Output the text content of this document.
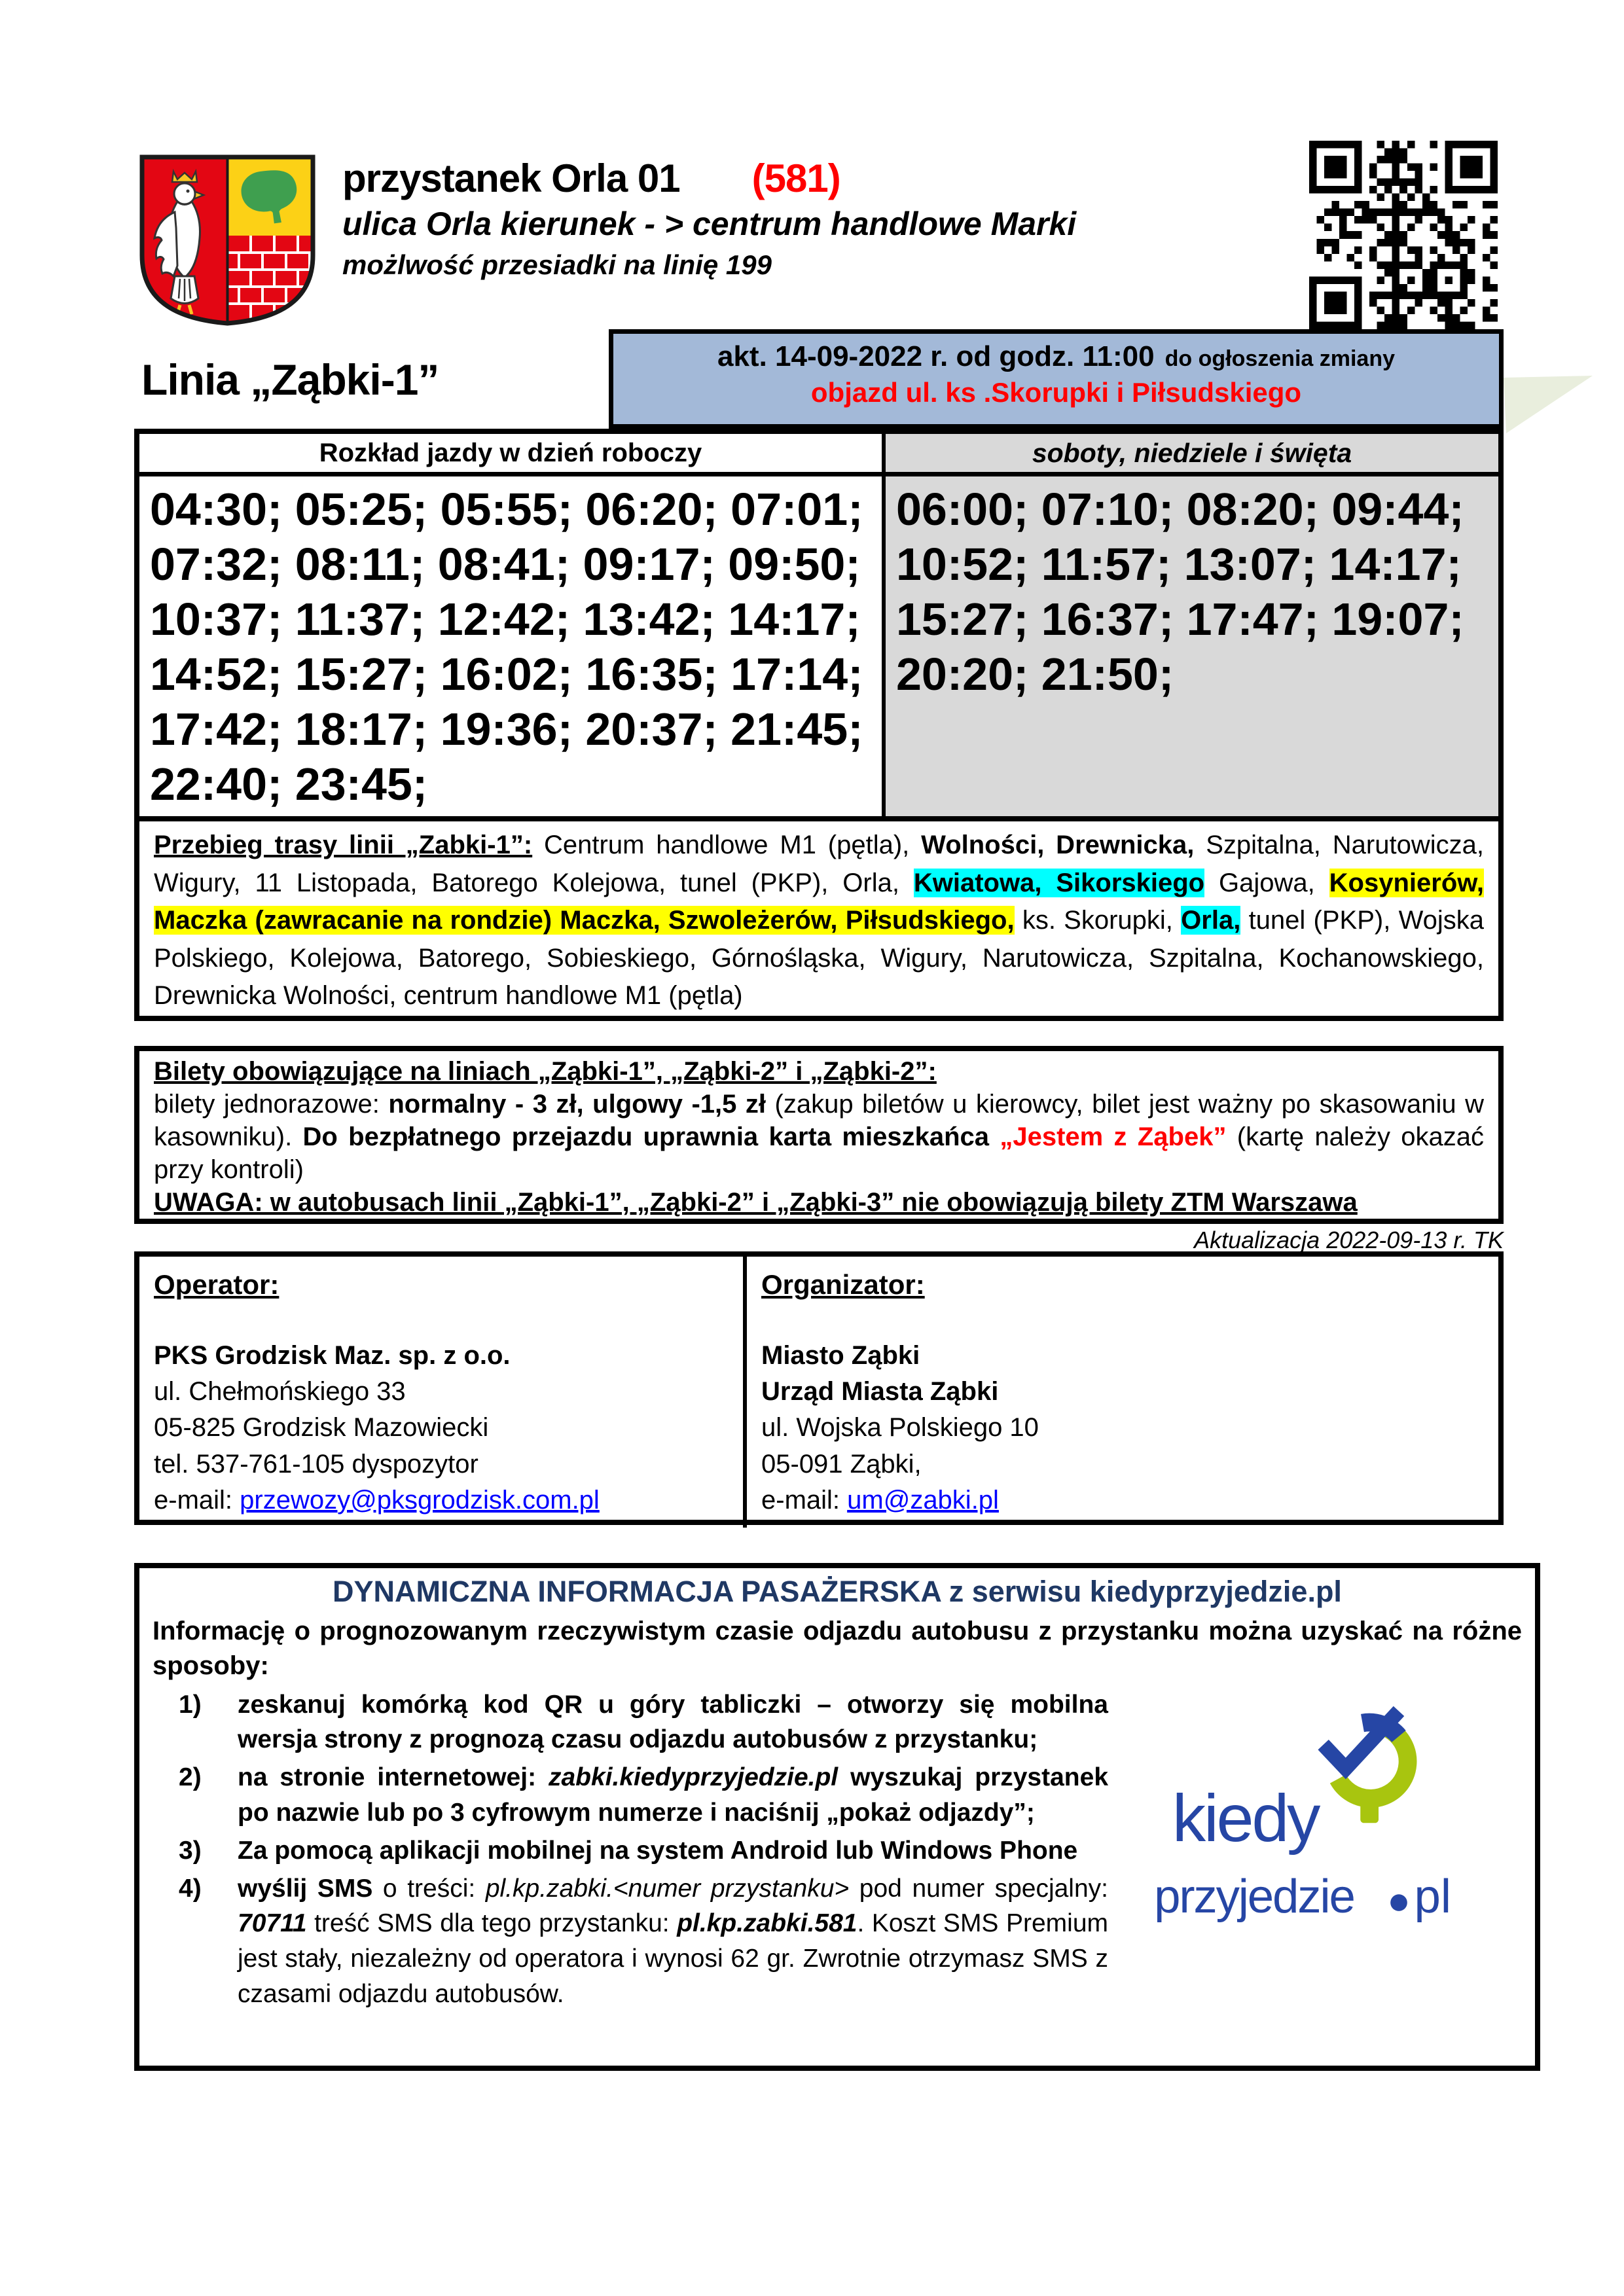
przystanek Orla 01 (581)
ulica Orla kierunek - > centrum handlowe Marki
możlwość przesiadki na linię 199
akt. 14-09-2022 r. od godz. 11:00 do ogłoszenia zmiany
objazd ul. ks .Skorupki i Piłsudskiego
Linia „Ząbki-1”
Rozkład jazdy w dzień roboczy	soboty, niedziele i święta
04:30; 05:25; 05:55; 06:20; 07:01;
07:32; 08:11; 08:41; 09:17; 09:50;
10:37; 11:37; 12:42; 13:42; 14:17;
14:52; 15:27; 16:02; 16:35; 17:14;
17:42; 18:17; 19:36; 20:37; 21:45;
22:40; 23:45;
06:00; 07:10; 08:20; 09:44;
10:52; 11:57; 13:07; 14:17;
15:27; 16:37; 17:47; 19:07;
20:20; 21:50;
Przebieg trasy linii „Zabki-1”: Centrum handlowe M1 (pętla), Wolności, Drewnicka, Szpitalna, Narutowicza, Wigury, 11 Listopada, Batorego Kolejowa, tunel (PKP), Orla, Kwiatowa, Sikorskiego Gajowa, Kosynierów, Maczka (zawracanie na rondzie) Maczka, Szwoleżerów, Piłsudskiego, ks. Skorupki, Orla, tunel (PKP), Wojska Polskiego, Kolejowa, Batorego, Sobieskiego, Górnośląska, Wigury, Narutowicza, Szpitalna, Kochanowskiego, Drewnicka Wolności, centrum handlowe M1 (pętla)
Bilety obowiązujące na liniach „Ząbki-1”, „Ząbki-2” i „Ząbki-2”:
bilety jednorazowe: normalny - 3 zł, ulgowy -1,5 zł (zakup biletów u kierowcy, bilet jest ważny po skasowaniu w kasowniku). Do bezpłatnego przejazdu uprawnia karta mieszkańca „Jestem z Ząbek” (kartę należy okazać przy kontroli)
UWAGA: w autobusach linii „Ząbki-1”, „Ząbki-2” i „Ząbki-3” nie obowiązują bilety ZTM Warszawa
Aktualizacja 2022-09-13 r. TK
Operator:
PKS Grodzisk Maz. sp. z o.o.
ul. Chełmońskiego 33
05-825 Grodzisk Mazowiecki
tel. 537-761-105 dyspozytor
e-mail: przewozy@pksgrodzisk.com.pl
Organizator:
Miasto Ząbki
Urząd Miasta Ząbki
ul. Wojska Polskiego 10
05-091 Ząbki,
e-mail: um@zabki.pl
DYNAMICZNA INFORMACJA PASAŻERSKA z serwisu kiedyprzyjedzie.pl
Informację o prognozowanym rzeczywistym czasie odjazdu autobusu z przystanku można uzyskać na różne sposoby:
1) zeskanuj komórką kod QR u góry tabliczki – otworzy się mobilna wersja strony z prognozą czasu odjazdu autobusów z przystanku;
2) na stronie internetowej: zabki.kiedyprzyjedzie.pl wyszukaj przystanek po nazwie lub po 3 cyfrowym numerze i naciśnij „pokaż odjazdy”;
3) Za pomocą aplikacji mobilnej na system Android lub Windows Phone
4) wyślij SMS o treści: pl.kp.zabki.<numer przystanku> pod numer specjalny: 70711 treść SMS dla tego przystanku: pl.kp.zabki.581. Koszt SMS Premium jest stały, niezależny od operatora i wynosi 62 gr. Zwrotnie otrzymasz SMS z czasami odjazdu autobusów.
kiedy
przyjedzie pl
